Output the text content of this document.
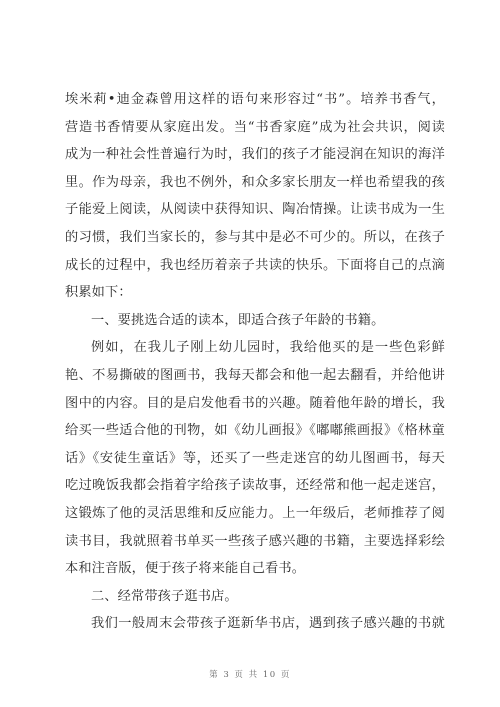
埃米莉•迪金森曾用这样的语句来形容过“书”。培养书香气，
营造书香情要从家庭出发。当“书香家庭”成为社会共识，阅读
成为一种社会性普遍行为时，我们的孩子才能浸润在知识的海洋
里。作为母亲，我也不例外，和众多家长朋友一样也希望我的孩
子能爱上阅读，从阅读中获得知识、陶冶情操。让读书成为一生
的习惯，我们当家长的，参与其中是必不可少的。所以，在孩子
成长的过程中，我也经历着亲子共读的快乐。下面将自己的点滴
积累如下：
一、要挑选合适的读本，即适合孩子年龄的书籍。
例如，在我儿子刚上幼儿园时，我给他买的是一些色彩鲜
艳、不易撕破的图画书，我每天都会和他一起去翻看，并给他讲
图中的内容。目的是启发他看书的兴趣。随着他年龄的增长，我
给买一些适合他的刊物，如《幼儿画报》《嘟嘟熊画报》《格林童
话》《安徒生童话》等，还买了一些走迷宫的幼儿图画书，每天
吃过晚饭我都会指着字给孩子读故事，还经常和他一起走迷宫，
这锻炼了他的灵活思维和反应能力。上一年级后，老师推荐了阅
读书目，我就照着书单买一些孩子感兴趣的书籍，主要选择彩绘
本和注音版，便于孩子将来能自己看书。
二、经常带孩子逛书店。
我们一般周末会带孩子逛新华书店，遇到孩子感兴趣的书就
第 3 页 共 10 页
